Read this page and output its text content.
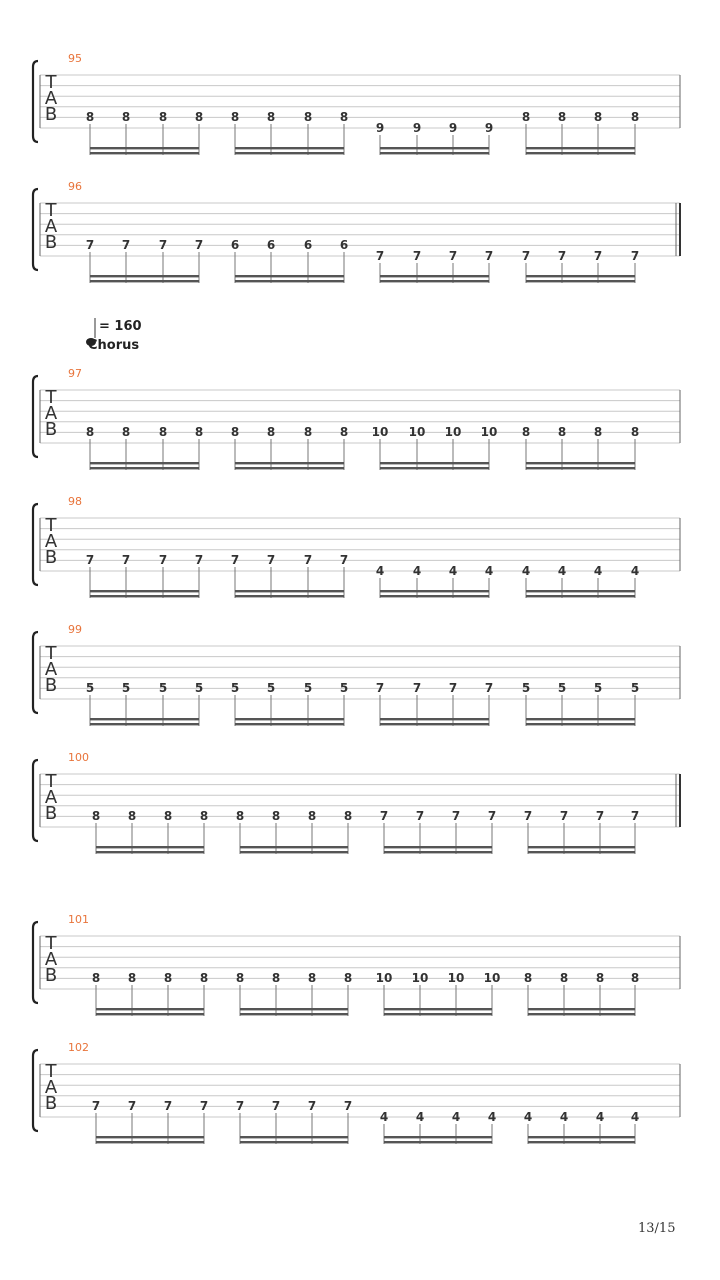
T
A
B
95
8 8 8 8 8 8 8 8
9 9 9 9
8 8 8 8
T
A
B
96
7 7 7 7 6 6 6 6
7 7 7 7 7 7 7 7
T
A
B
97
8 8 8 8 8 8 8 8 10 10 10 10 8 8 8 8
T
A
B
98
7 7 7 7 7 7 7 7
4 4 4 4 4 4 4 4
T
A
B
99
5 5 5 5 5 5 5 5 7 7 7 7 5 5 5 5
T
A
B
100
8 8 8 8 8 8 8 8 7 7 7 7 7 7 7 7
T
A
B
101
8 8 8 8 8 8 8 8 10 10 10 10 8 8 8 8
T
A
B
102
7 7 7 7 7 7 7 7
4 4 4 4 4 4 4 4
= 160
Chorus
13/15
